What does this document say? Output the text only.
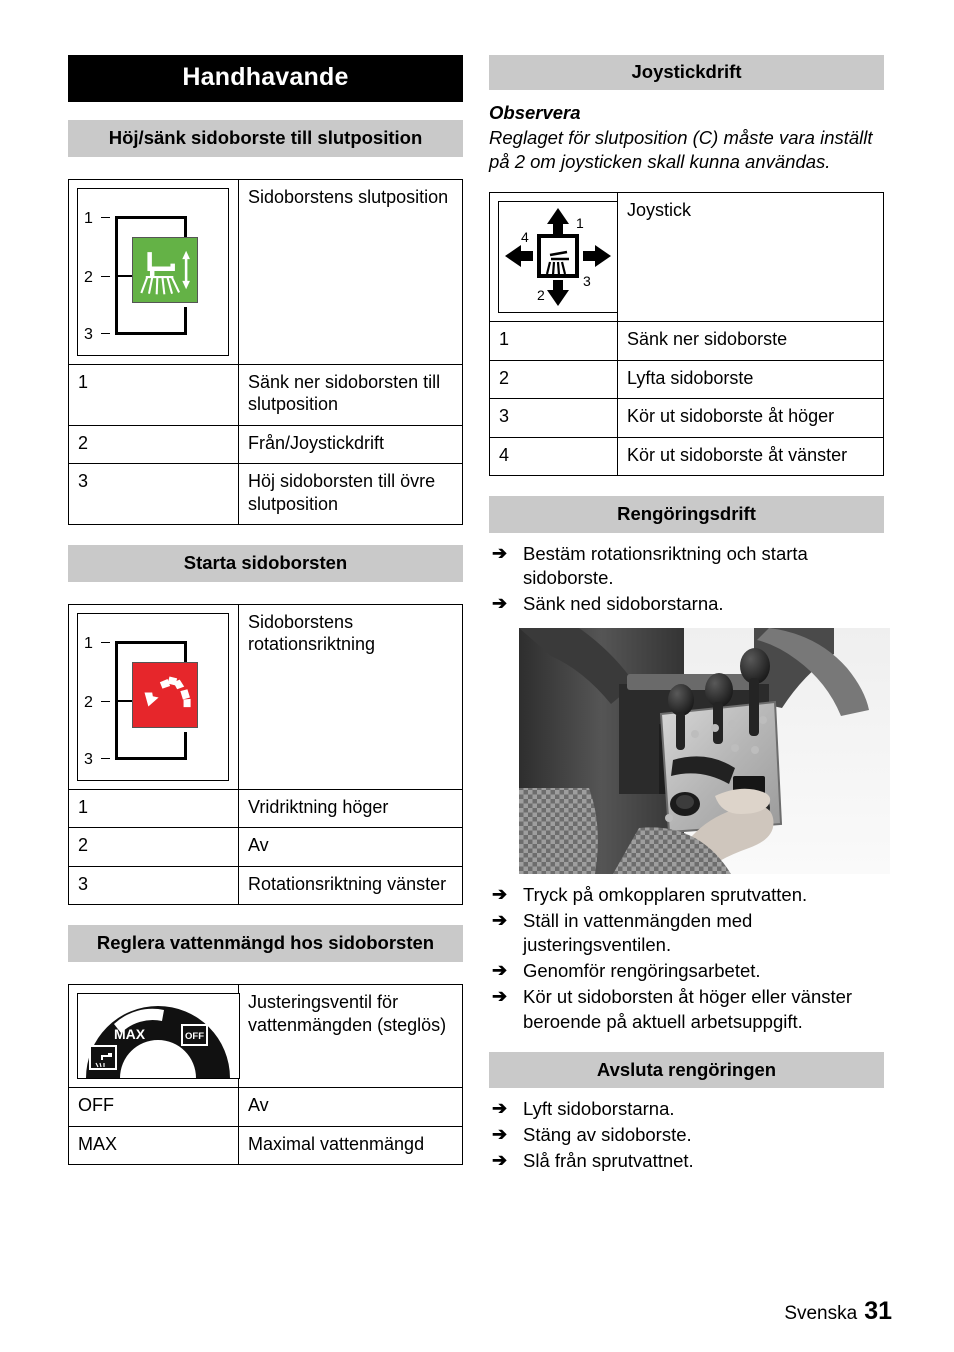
Handhavande
Höj/sänk sidoborste till slutposition
1
2
3	Sidoborstens slutposition
1	Sänk ner sidoborsten till slutposition
2	Från/Joystickdrift
3	Höj sidoborsten till övre slutposition
Starta sidoborsten
1
2
3	Sidoborstens rotationsriktning
1	Vridriktning höger
2	Av
3	Rotationsriktning vänster
Reglera vattenmängd hos sidoborsten
MAX OFF	Justeringsventil för vattenmängden (steglös)
OFF	Av
MAX	Maximal vattenmängd
Joystickdrift
Observera
Reglaget för slutposition (C) måste vara inställt på 2 om joysticken skall kunna användas.
1
2
3
4	Joystick
1	Sänk ner sidoborste
2	Lyfta sidoborste
3	Kör ut sidoborste åt höger
4	Kör ut sidoborste åt vänster
Rengöringsdrift
➔ Bestäm rotationsriktning och starta sidoborste.
➔ Sänk ned sidoborstarna.
➔ Tryck på omkopplaren sprutvatten.
➔ Ställ in vattenmängden med justeringsventilen.
➔ Genomför rengöringsarbetet.
➔ Kör ut sidoborsten åt höger eller vänster beroende på aktuell arbetsuppgift.
Avsluta rengöringen
➔ Lyft sidoborstarna.
➔ Stäng av sidoborste.
➔ Slå från sprutvattnet.
Svenska 31
